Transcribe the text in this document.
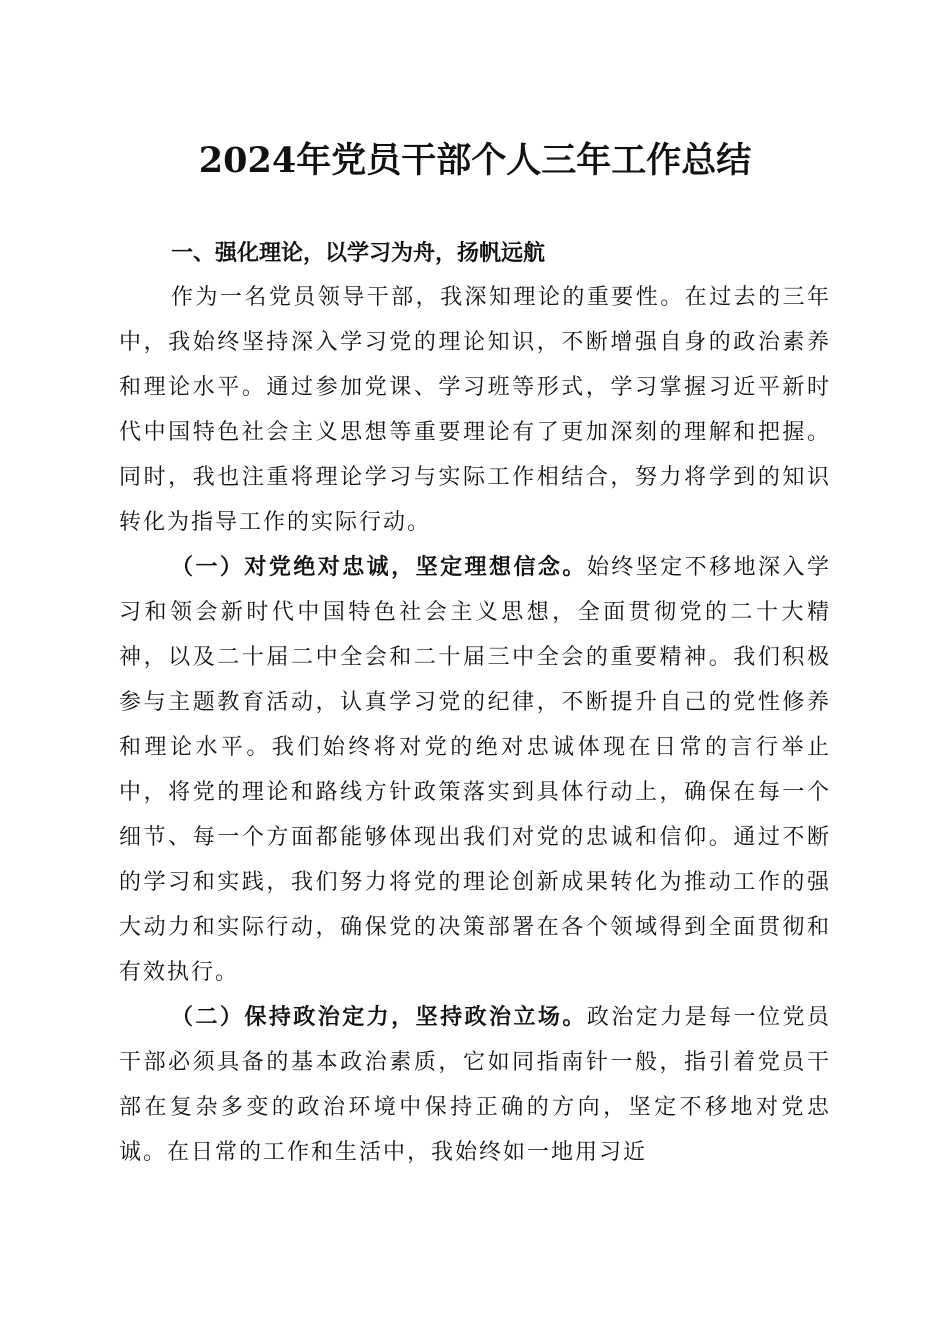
2024年党员干部个人三年工作总结
一、强化理论，以学习为舟，扬帆远航

作为一名党员领导干部，我深知理论的重要性。在过去的三年中，我始终坚持深入学习党的理论知识，不断增强自身的政治素养和理论水平。通过参加党课、学习班等形式，学习掌握习近平新时代中国特色社会主义思想等重要理论有了更加深刻的理解和把握。同时，我也注重将理论学习与实际工作相结合，努力将学到的知识转化为指导工作的实际行动。

（一）对党绝对忠诚，坚定理想信念。始终坚定不移地深入学习和领会新时代中国特色社会主义思想，全面贯彻党的二十大精神，以及二十届二中全会和二十届三中全会的重要精神。我们积极参与主题教育活动，认真学习党的纪律，不断提升自己的党性修养和理论水平。我们始终将对党的绝对忠诚体现在日常的言行举止中，将党的理论和路线方针政策落实到具体行动上，确保在每一个细节、每一个方面都能够体现出我们对党的忠诚和信仰。通过不断的学习和实践，我们努力将党的理论创新成果转化为推动工作的强大动力和实际行动，确保党的决策部署在各个领域得到全面贯彻和有效执行。

（二）保持政治定力，坚持政治立场。政治定力是每一位党员干部必须具备的基本政治素质，它如同指南针一般，指引着党员干部在复杂多变的政治环境中保持正确的方向，坚定不移地对党忠诚。在日常的工作和生活中，我始终如一地用习近
